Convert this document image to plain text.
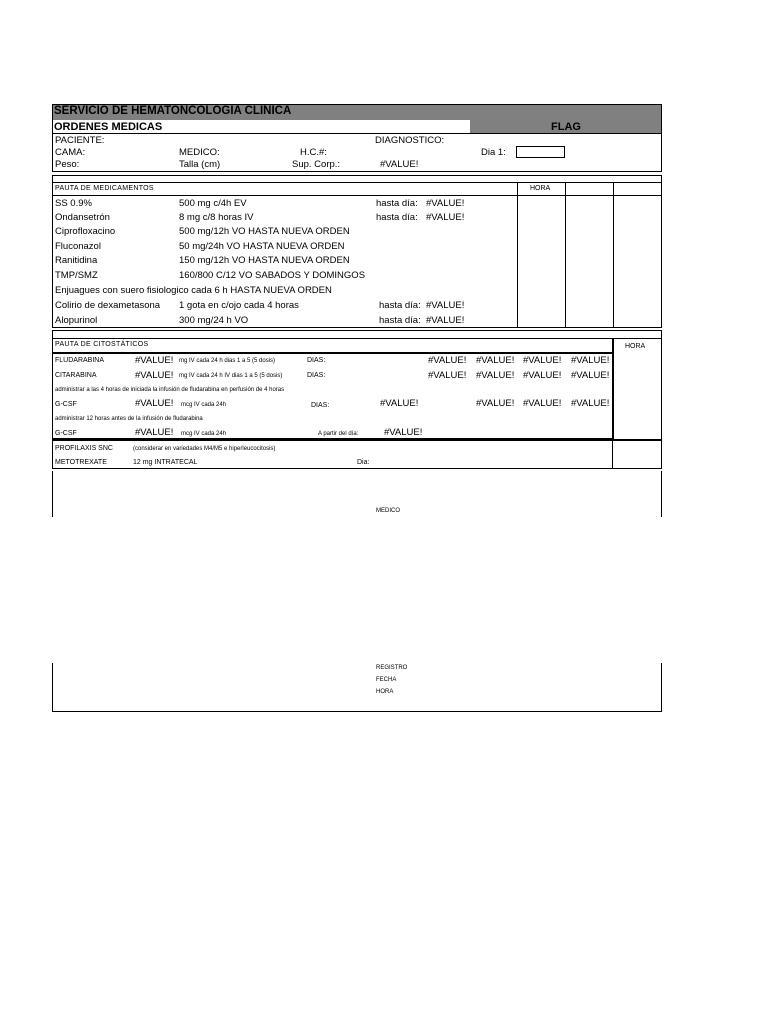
SERVICIO DE HEMATONCOLOGIA CLINICA
ORDENES MEDICAS	FLAG
PACIENTE:	DIAGNOSTICO:
CAMA:	MEDICO:	H.C.#:	Dia 1:
Peso:	Talla (cm)	Sup. Corp.:	#VALUE!
PAUTA DE MEDICAMENTOS	HORA
SS 0.9%	500 mg c/4h EV	hasta día: #VALUE!
Ondansetrón	8 mg c/8 horas IV	hasta día: #VALUE!
Ciprofloxacino	500 mg/12h VO HASTA NUEVA ORDEN
Fluconazol	50 mg/24h VO HASTA NUEVA ORDEN
Ranitidina	150 mg/12h VO HASTA NUEVA ORDEN
TMP/SMZ	160/800 C/12 VO SABADOS Y DOMINGOS
Enjuagues con suero fisiologico cada 6 h HASTA NUEVA ORDEN
Colirio de dexametasona 1 gota en c/ojo cada 4 horas	hasta día: #VALUE!
Alopurinol	300 mg/24 h VO	hasta día: #VALUE!
PAUTA DE CITOSTÁTICOS	HORA
FLUDARABINA	#VALUE! mg IV cada 24 h dias 1 a 5 (5 dosis)	DIAS:	#VALUE! #VALUE! #VALUE! #VALUE!
CITARABINA	#VALUE! mg IV cada 24 h IV dias 1 a 5 (5 dosis)	DIAS:	#VALUE! #VALUE! #VALUE! #VALUE!
administrar a las 4 horas de iniciada la infusión de fludarabina en perfusión de 4 horas
G-CSF	#VALUE! mcg IV cada 24h	DIAS:	#VALUE!	#VALUE! #VALUE! #VALUE!
administrar 12 horas antes de la infusión de fludarabina
G-CSF	#VALUE! mcg IV cada 24h	A partir del día:	#VALUE!
PROFILAXIS SNC	(considerar en variedades M4/M5 e hiperleucocitosis)
METOTREXATE	12 mg INTRATECAL	Dia:
MEDICO
REGISTRO
FECHA
HORA
